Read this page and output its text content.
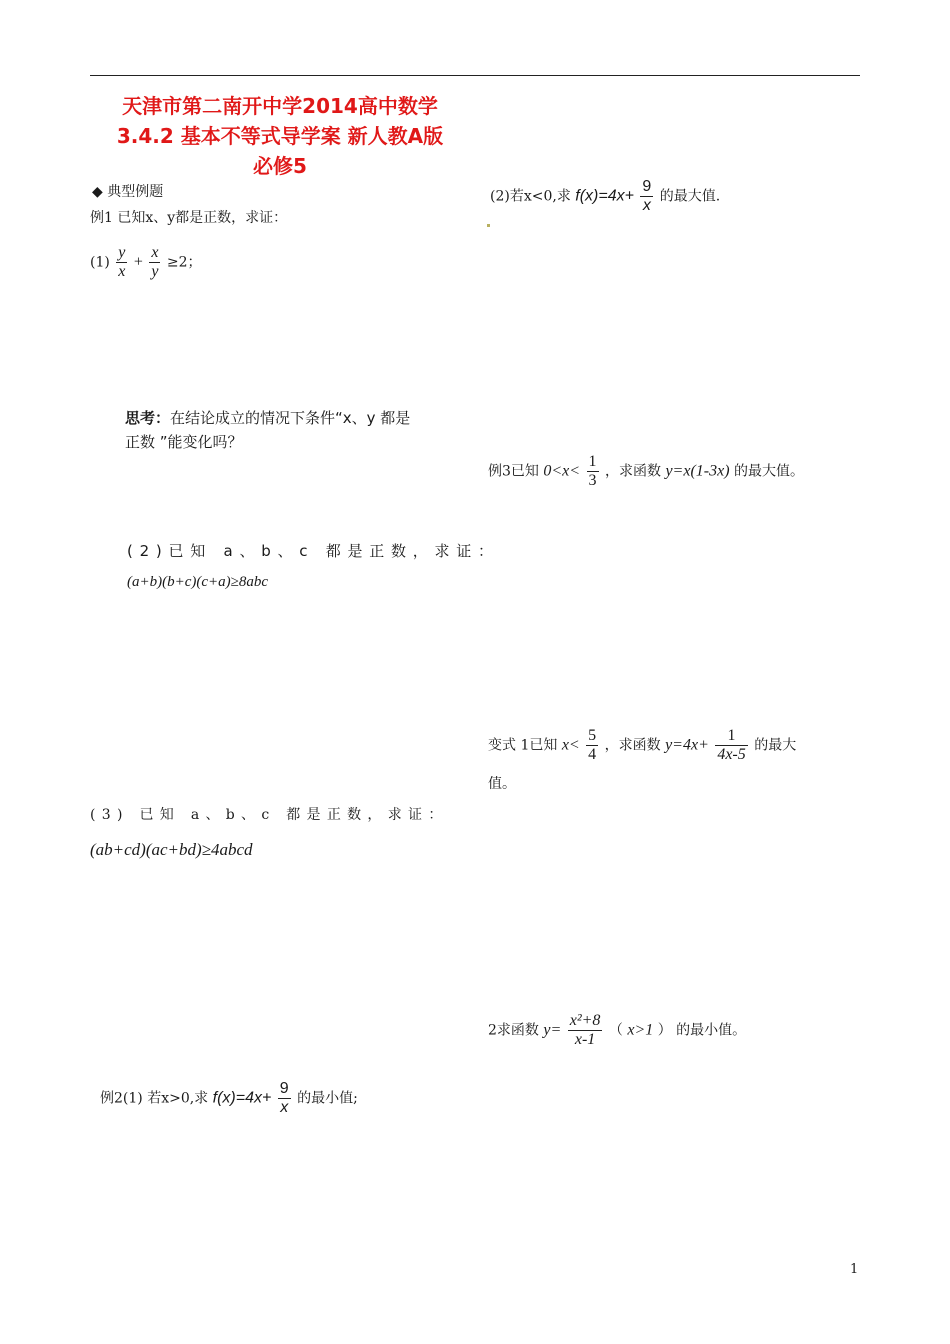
天津市第二南开中学2014高中数学
3.4.2 基本不等式导学案 新人教A版
必修5
◆ 典型例题
例1 已知x、y都是正数，求证：
$(1) \frac{y}{x} + \frac{x}{y} \ge 2$；
思考：在结论成立的情况下条件“x、y 都是
正数 ”能变化吗？
(2)已知 a、b、c 都是正数，求证：
(a+b)(b+c)(c+a)≥8abc
(3) 已知 a、b、c 都是正数，求证：
(ab+cd)(ac+bd)≥4abcd
例2(1) 若x>0,求 $f(x)=4x+ \frac{9}{x}$ 的最小值;
(2)若x<0,求 $f(x)=4x+ \frac{9}{x}$ 的最大值.
例3已知 $0<x< \frac{1}{3}$ ，求函数 y=x(1-3x) 的最大值。
变式 1已知 $x< \frac{5}{4}$ ，求函数 $y=4x+ \frac{1}{4x-5}$ 的最大
值。
2求函数 $y= \frac{\text{x²+8}}{x-1}$ （ x>1 ） 的最小值。
1
